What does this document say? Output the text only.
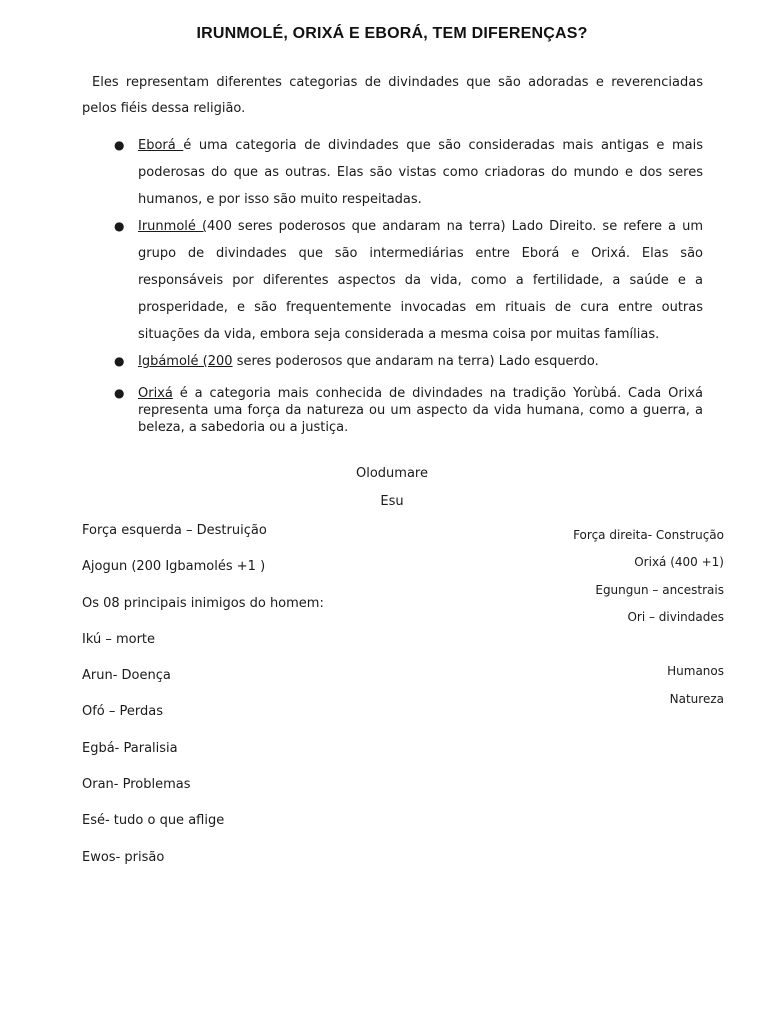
IRUNMOLÉ, ORIXÁ E EBORÁ, TEM DIFERENÇAS?

Eles representam diferentes categorias de divindades que são adoradas e reverenciadas pelos fiéis dessa religião.

● Eborá é uma categoria de divindades que são consideradas mais antigas e mais poderosas do que as outras. Elas são vistas como criadoras do mundo e dos seres humanos, e por isso são muito respeitadas.
● Irunmolé (400 seres poderosos que andaram na terra) Lado Direito. se refere a um grupo de divindades que são intermediárias entre Eborá e Orixá. Elas são responsáveis por diferentes aspectos da vida, como a fertilidade, a saúde e a prosperidade, e são frequentemente invocadas em rituais de cura entre outras situações da vida, embora seja considerada a mesma coisa por muitas famílias.
● Igbámolé (200 seres poderosos que andaram na terra) Lado esquerdo.
● Orixá é a categoria mais conhecida de divindades na tradição Yorùbá. Cada Orixá representa uma força da natureza ou um aspecto da vida humana, como a guerra, a beleza, a sabedoria ou a justiça.
Olodumare
Esu
Força esquerda – Destruição
Ajogun (200 Igbamolés +1 )
Os 08 principais inimigos do homem:
Ikú – morte
Arun- Doença
Ofó – Perdas
Egbá- Paralisia
Oran- Problemas
Esé- tudo o que aflige
Ewos- prisão
Força direita- Construção
Orixá (400 +1)
Egungun – ancestrais
Ori – divindades
Humanos
Natureza
